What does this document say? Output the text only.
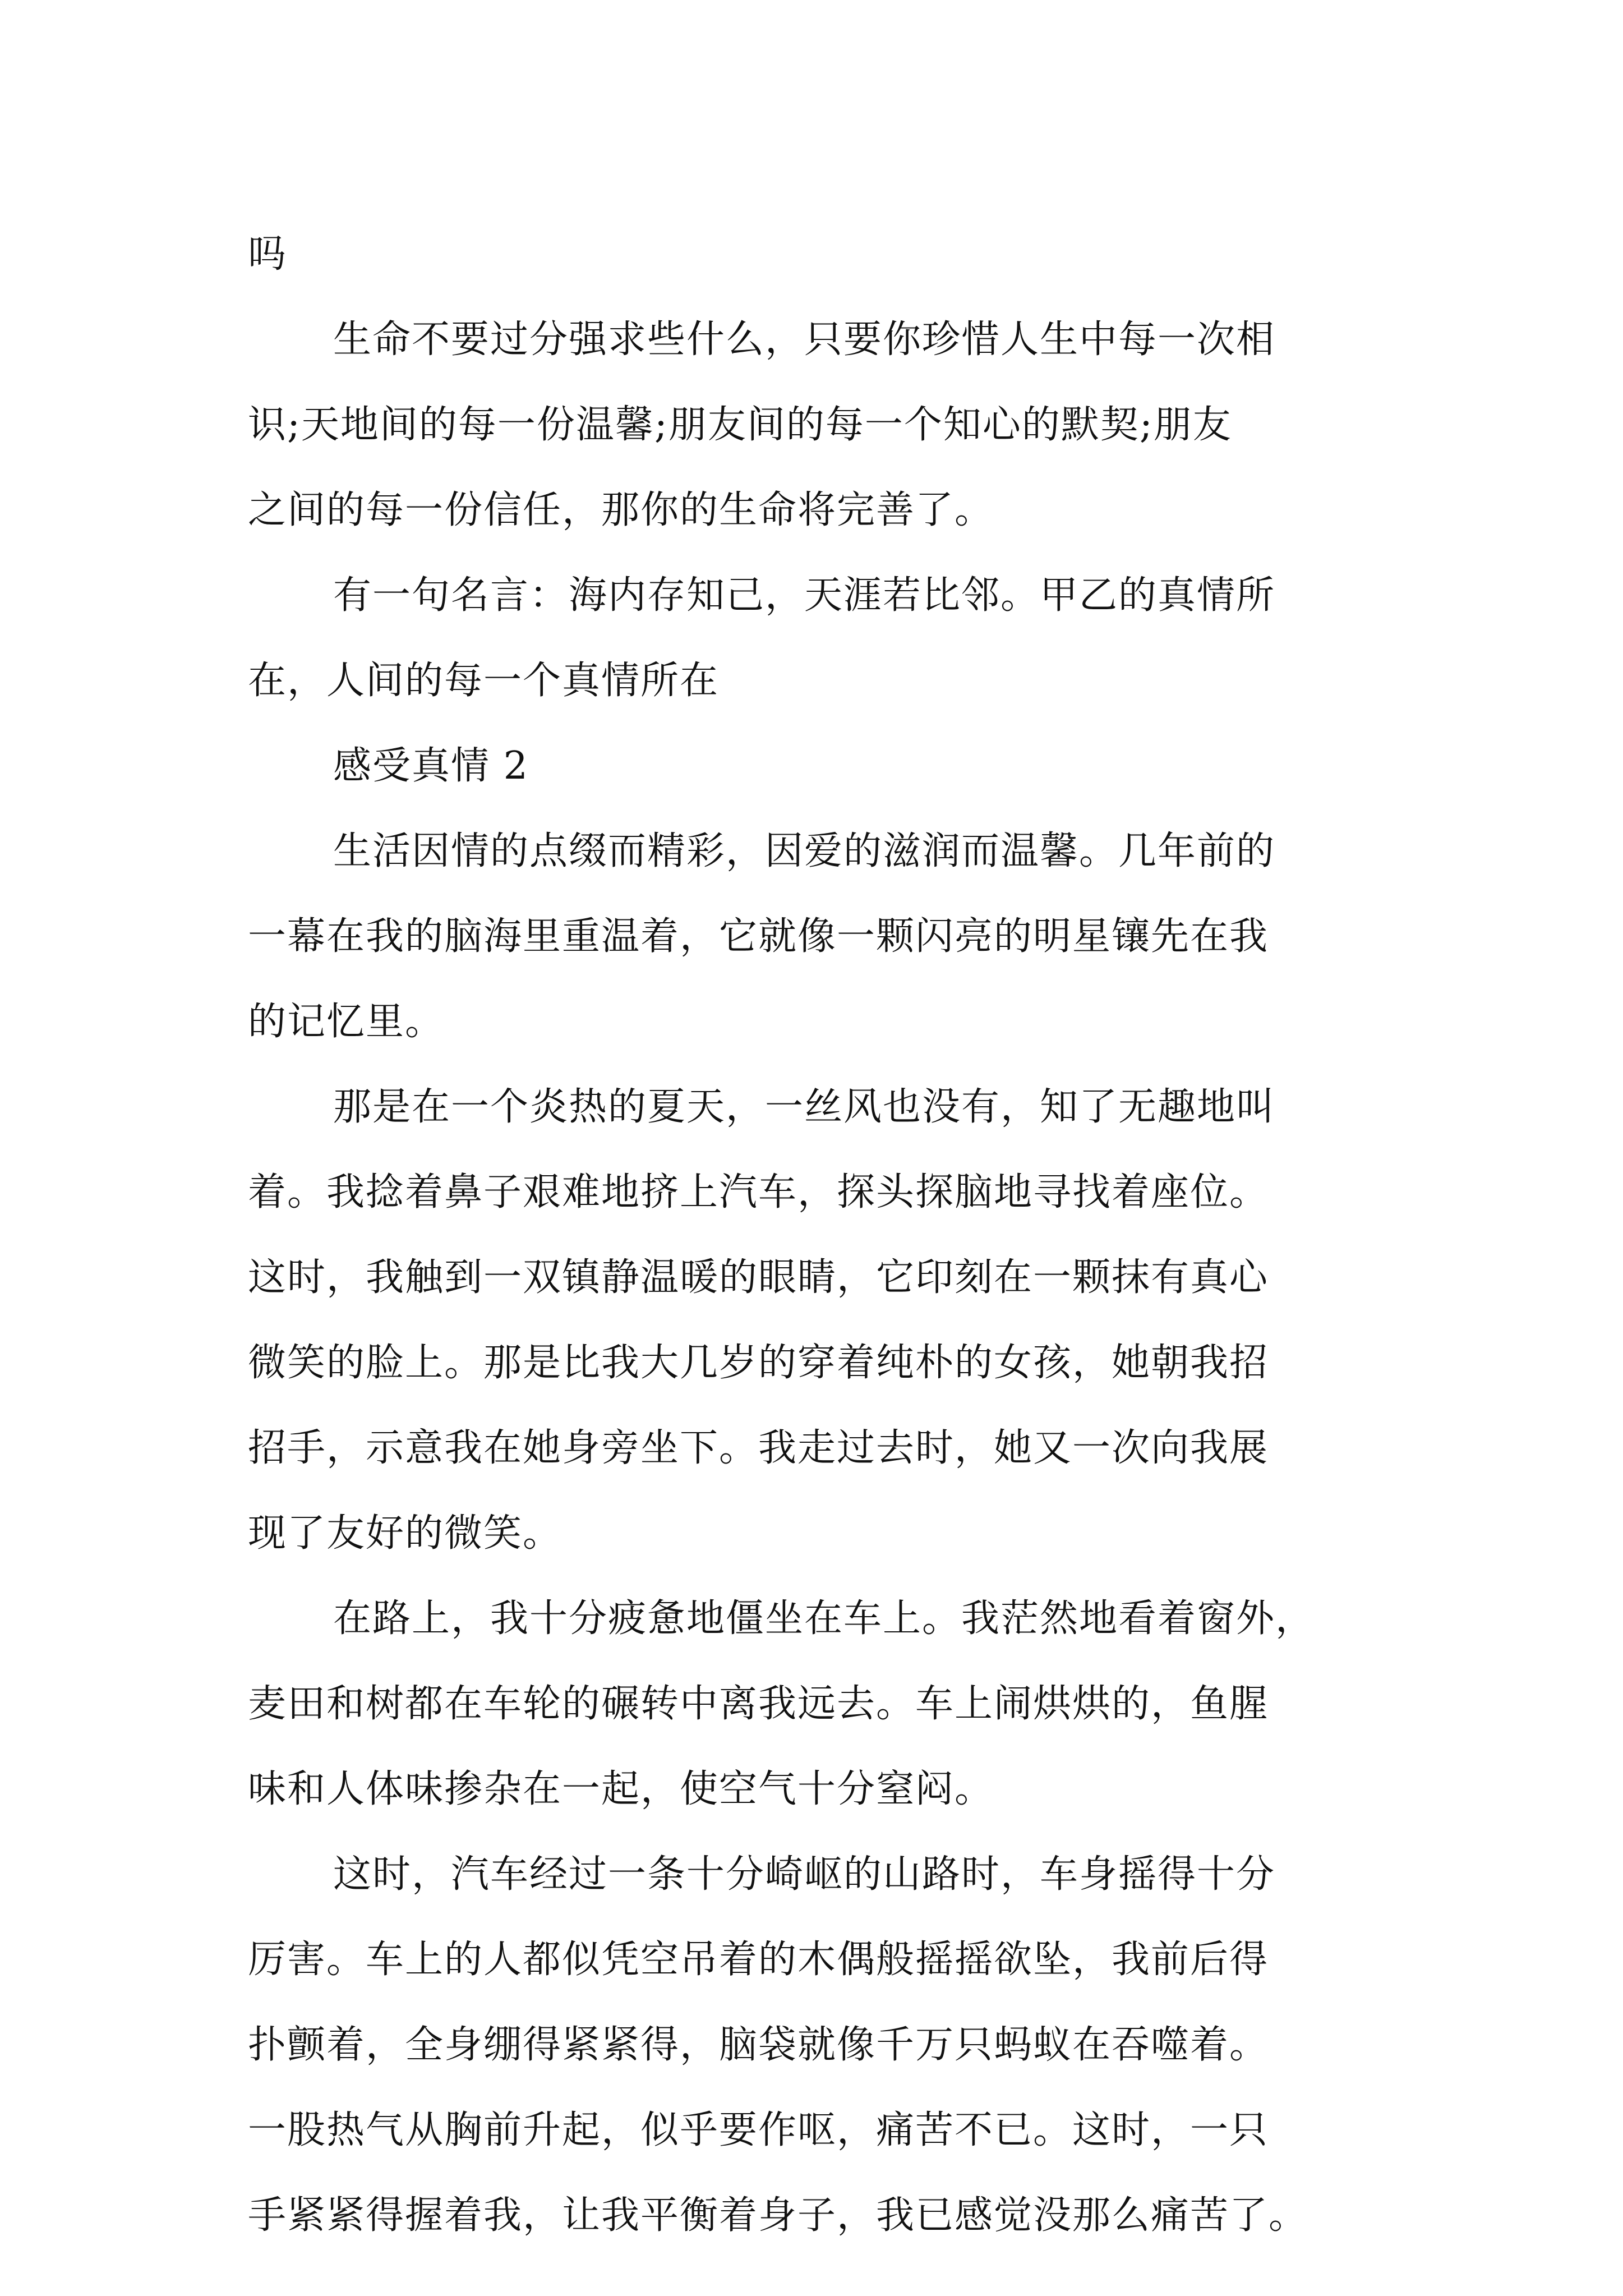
吗
生命不要过分强求些什么，只要你珍惜人生中每一次相
识;天地间的每一份温馨;朋友间的每一个知心的默契;朋友
之间的每一份信任，那你的生命将完善了。
有一句名言：海内存知己，天涯若比邻。甲乙的真情所
在，人间的每一个真情所在
感受真情 2
生活因情的点缀而精彩，因爱的滋润而温馨。几年前的
一幕在我的脑海里重温着，它就像一颗闪亮的明星镶先在我
的记忆里。
那是在一个炎热的夏天，一丝风也没有，知了无趣地叫
着。我捻着鼻子艰难地挤上汽车，探头探脑地寻找着座位。
这时，我触到一双镇静温暖的眼睛，它印刻在一颗抹有真心
微笑的脸上。那是比我大几岁的穿着纯朴的女孩，她朝我招
招手，示意我在她身旁坐下。我走过去时，她又一次向我展
现了友好的微笑。
在路上，我十分疲惫地僵坐在车上。我茫然地看着窗外，
麦田和树都在车轮的碾转中离我远去。车上闹烘烘的，鱼腥
味和人体味掺杂在一起，使空气十分窒闷。
这时，汽车经过一条十分崎岖的山路时，车身摇得十分
厉害。车上的人都似凭空吊着的木偶般摇摇欲坠，我前后得
扑颤着，全身绷得紧紧得，脑袋就像千万只蚂蚁在吞噬着。
一股热气从胸前升起，似乎要作呕，痛苦不已。这时，一只
手紧紧得握着我，让我平衡着身子，我已感觉没那么痛苦了。
